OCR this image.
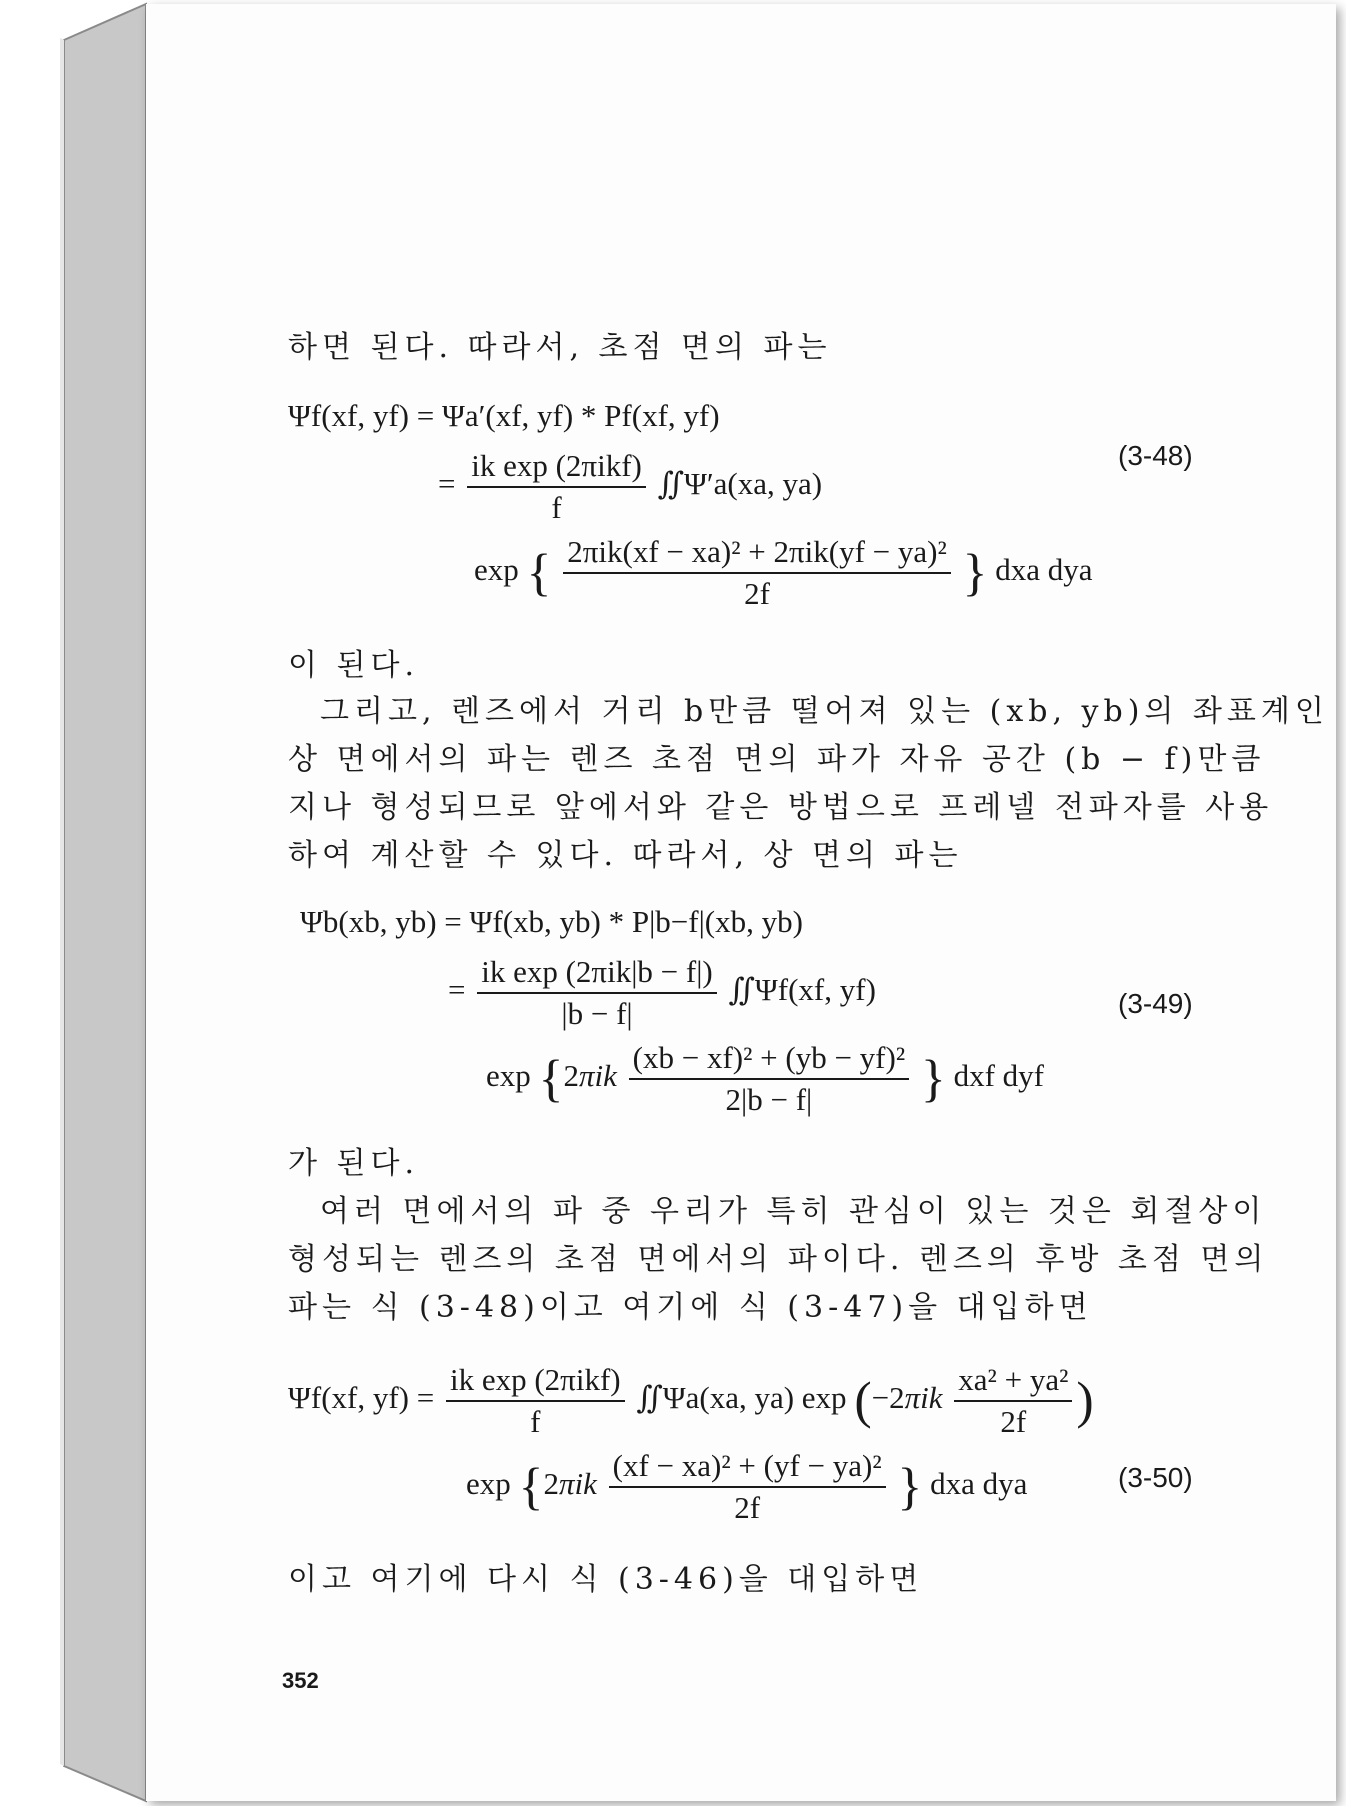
하면 된다. 따라서, 초점 면의 파는
Ψf(xf, yf) = Ψa′(xf, yf) * Pf(xf, yf)
= $\frac{\text{ik exp (2πikf)}}{f}$ ∬Ψ′a(xa, ya)
(3-48)
exp { $\frac{\text{2πik(xf − xa)² + 2πik(yf − ya)²}}{2f}$ } dxa dya
이 된다.
그리고, 렌즈에서 거리 b만큼 떨어져 있는 (xb, yb)의 좌표계인
상 면에서의 파는 렌즈 초점 면의 파가 자유 공간 (b − f)만큼
지나 형성되므로 앞에서와 같은 방법으로 프레넬 전파자를 사용
하여 계산할 수 있다. 따라서, 상 면의 파는
Ψb(xb, yb) = Ψf(xb, yb) * P|b−f|(xb, yb)
= $\frac{\text{ik exp (2πik|b − f|)}}{|b - f|}$ ∬Ψf(xf, yf)	(3-49)
$\exp \{2\pi ik \frac{\text{(xb − xf)² + (yb − yf)²}}{2|b - f|}$ } dxf dyf
가 된다.
여러 면에서의 파 중 우리가 특히 관심이 있는 것은 회절상이
형성되는 렌즈의 초점 면에서의 파이다. 렌즈의 후방 초점 면의
파는 식 (3-48)이고 여기에 식 (3-47)을 대입하면
Ψf(xf, $yf) = \frac{\text{ik exp (2πikf)}}{f}$ ∬Ψa(xa, ya) $\exp (-2\pi ik \frac{\text{xa² + ya²}}{2f}$ )
$\exp \{2\pi ik \frac{\text{(xf − xa)² + (yf − ya)²}}{2f}$ } dxa dya	(3-50)
이고 여기에 다시 식 (3-46)을 대입하면
352
